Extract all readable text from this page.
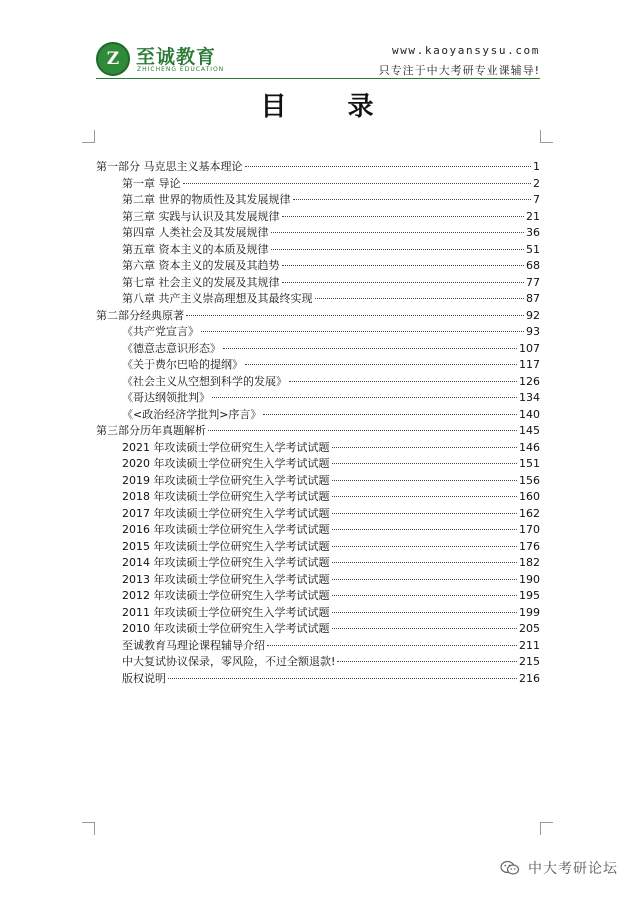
Z 至诚教育
ZHICHENG EDUCATION
www.kaoyansysu.com
只专注于中大考研专业课辅导!
目 录
第一部分 马克思主义基本理论	1
第一章 导论	2
第二章 世界的物质性及其发展规律	7
第三章 实践与认识及其发展规律	21
第四章 人类社会及其发展规律	36
第五章 资本主义的本质及规律	51
第六章 资本主义的发展及其趋势	68
第七章 社会主义的发展及其规律	77
第八章 共产主义崇高理想及其最终实现	87
第二部分经典原著	92
《共产党宣言》	93
《德意志意识形态》	107
《关于费尔巴哈的提纲》	117
《社会主义从空想到科学的发展》	126
《哥达纲领批判》	134
《<政治经济学批判>序言》	140
第三部分历年真题解析	145
2021 年攻读硕士学位研究生入学考试试题	146
2020 年攻读硕士学位研究生入学考试试题	151
2019 年攻读硕士学位研究生入学考试试题	156
2018 年攻读硕士学位研究生入学考试试题	160
2017 年攻读硕士学位研究生入学考试试题	162
2016 年攻读硕士学位研究生入学考试试题	170
2015 年攻读硕士学位研究生入学考试试题	176
2014 年攻读硕士学位研究生入学考试试题	182
2013 年攻读硕士学位研究生入学考试试题	190
2012 年攻读硕士学位研究生入学考试试题	195
2011 年攻读硕士学位研究生入学考试试题	199
2010 年攻读硕士学位研究生入学考试试题	205
至诚教育马理论课程辅导介绍	211
中大复试协议保录，零风险，不过全额退款!	215
版权说明	216
中大考研论坛
